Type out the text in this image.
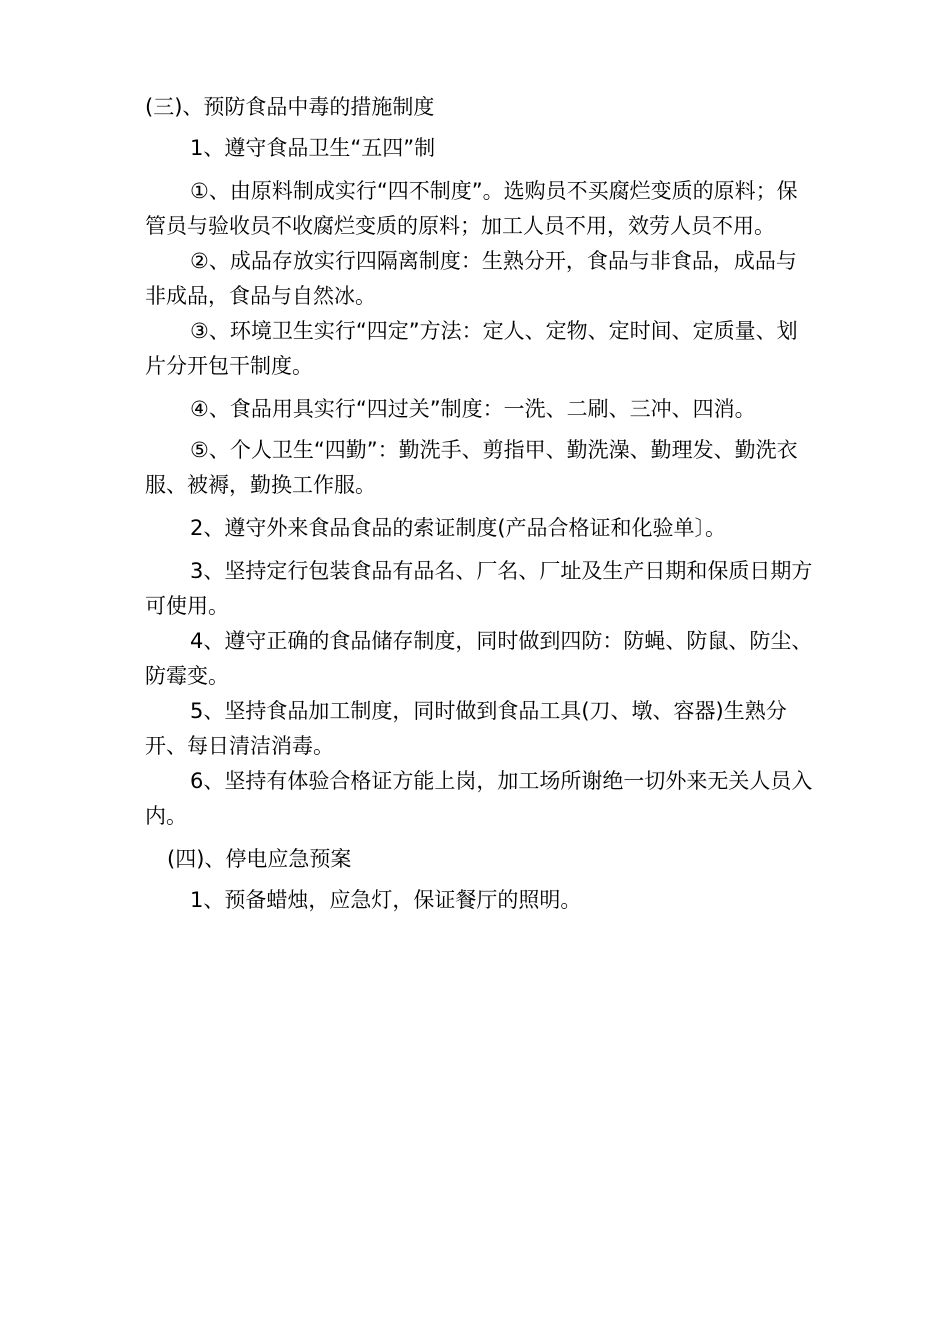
(三)、预防食品中毒的措施制度

1、遵守食品卫生“五四”制

①、由原料制成实行“四不制度”。选购员不买腐烂变质的原料；保管员与验收员不收腐烂变质的原料；加工人员不用，效劳人员不用。

②、成品存放实行四隔离制度：生熟分开，食品与非食品，成品与非成品，食品与自然冰。

③、环境卫生实行“四定”方法：定人、定物、定时间、定质量、划片分开包干制度。

④、食品用具实行“四过关”制度：一洗、二刷、三冲、四消。

⑤、个人卫生“四勤”：勤洗手、剪指甲、勤洗澡、勤理发、勤洗衣服、被褥，勤换工作服。

2、遵守外来食品食品的索证制度(产品合格证和化验单〕。

3、坚持定行包装食品有品名、厂名、厂址及生产日期和保质日期方可使用。

4、遵守正确的食品储存制度，同时做到四防：防蝇、防鼠、防尘、防霉变。

5、坚持食品加工制度，同时做到食品工具(刀、墩、容器)生熟分开、每日清洁消毒。

6、坚持有体验合格证方能上岗，加工场所谢绝一切外来无关人员入内。

(四)、停电应急预案

1、预备蜡烛，应急灯，保证餐厅的照明。
